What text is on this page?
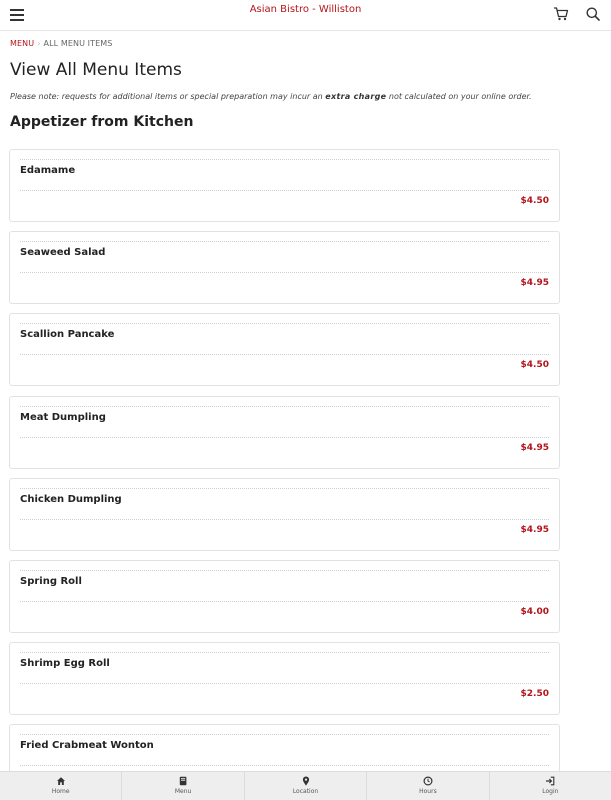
Asian Bistro - Williston
MENU › ALL MENU ITEMS
View All Menu Items
Please note: requests for additional items or special preparation may incur an extra charge not calculated on your online order.
Appetizer from Kitchen
Edamame
$4.50
Seaweed Salad
$4.95
Scallion Pancake
$4.50
Meat Dumpling
$4.95
Chicken Dumpling
$4.95
Spring Roll
$4.00
Shrimp Egg Roll
$2.50
Fried Crabmeat Wonton
Home	Menu	Location	Hours	Login
